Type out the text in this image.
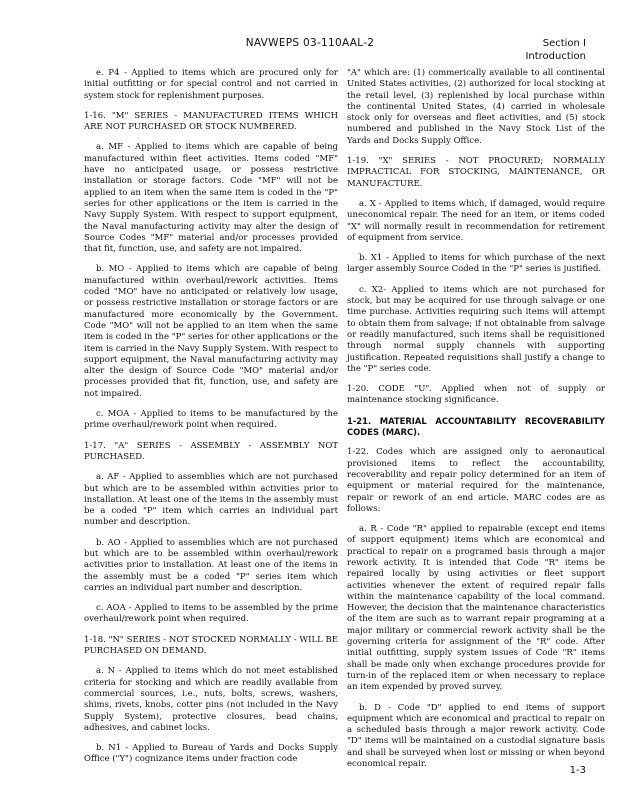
NAVWEPS 03-110AAL-2	Section I
Introduction

e. P4 - Applied to items which are procured only for initial outfitting or for special control and not carried in system stock for replenishment purposes.

1-16. "M" SERIES - MANUFACTURED ITEMS WHICH ARE NOT PURCHASED OR STOCK NUMBERED.

a. MF - Applied to items which are capable of being manufactured within fleet activities. Items coded "MF" have no anticipated usage, or possess restrictive installation or storage factors. Code "MF" will not be applied to an item when the same item is coded in the "P" series for other applications or the item is carried in the Navy Supply System. With respect to support equipment, the Naval manufacturing activity may alter the design of Source Codes "MF" material and/or processes provided that fit, function, use, and safety are not impaired.

b. MO - Applied to items which are capable of being manufactured within overhaul/rework activities. Items coded "MO" have no anticipated or relatively low usage, or possess restrictive installation or storage factors or are manufactured more economically by the Government. Code "MO" will not be applied to an item when the same item is coded in the "P" series for other applications or the item is carried in the Navy Supply System. With respect to support equipment, the Naval manufacturing activity may alter the design of Source Code "MO" material and/or processes provided that fit, function, use, and safety are not impaired.

c. MOA - Applied to items to be manufactured by the prime overhaul/rework point when required.

1-17. "A" SERIES - ASSEMBLY - ASSEMBLY NOT PURCHASED.

a. AF - Applied to assemblies which are not purchased but which are to be assembled within activities prior to installation. At least one of the items in the assembly must be a coded "P" item which carries an individual part number and description.

b. AO - Applied to assemblies which are not purchased but which are to be assembled within overhaul/rework activities prior to installation. At least one of the items in the assembly must be a coded "P" series item which carries an individual part number and description.

c. AOA - Applied to items to be assembled by the prime overhaul/rework point when required.

1-18. "N" SERIES - NOT STOCKED NORMALLY - WILL BE PURCHASED ON DEMAND.

a. N - Applied to items which do not meet established criteria for stocking and which are readily available from commercial sources, i.e., nuts, bolts, screws, washers, shims, rivets, knobs, cotter pins (not included in the Navy Supply System), protective closures, bead chains, adhesives, and cabinet locks.

b. N1 - Applied to Bureau of Yards and Docks Supply Office ("Y") cognizance items under fraction code

"A" which are: (1) commerically available to all continental United States activities, (2) authorized for local stocking at the retail level, (3) replenished by local purchase within the continental United States, (4) carried in wholesale stock only for overseas and fleet activities, and (5) stock numbered and published in the Navy Stock List of the Yards and Docks Supply Office.

1-19. "X" SERIES - NOT PROCURED; NORMALLY IMPRACTICAL FOR STOCKING, MAINTENANCE, OR MANUFACTURE.

a. X - Applied to items which, if damaged, would require uneconomical repair. The need for an item, or items coded "X" will normally result in recommendation for retirement of equipment from service.

b. X1 - Applied to items for which purchase of the next larger assembly Source Coded in the "P" series is justified.

c. X2- Applied to items which are not purchased for stock, but may be acquired for use through salvage or one time purchase. Activities requiring such items will attempt to obtain them from salvage; if not obtainable from salvage or readily manufactured, such items shall be requisitioned through normal supply channels with supporting justification. Repeated requisitions shall justify a change to the "P" series code.

1-20. CODE "U". Applied when not of supply or maintenance stocking significance.

1-21. MATERIAL ACCOUNTABILITY RECOVERABILITY CODES (MARC).

1-22. Codes which are assigned only to aeronautical provisioned items to reflect the accountability, recoverability and repair policy determined for an item of equipment or material required for the maintenance, repair or rework of an end article. MARC codes are as follows:

a. R - Code "R" applied to repairable (except end items of support equipment) items which are economical and practical to repair on a programed basis through a major rework activity. It is intended that Code "R" items be repaired locally by using activities or fleet support activities whenever the extent of required repair falls within the maintenance capability of the local command. However, the decision that the maintenance characteristics of the item are such as to warrant repair programing at a major military or commercial rework activity shall be the governing criteria for assignment of the "R" code. After initial outfitting, supply system issues of Code "R" items shall be made only when exchange procedures provide for turn-in of the replaced item or when necessary to replace an item expended by proved survey.

b. D - Code "D" applied to end items of support equipment which are economical and practical to repair on a scheduled basis through a major rework activity. Code "D" items will be maintained on a custodial signature basis and shall be surveyed when lost or missing or when beyond economical repair.

1-3
